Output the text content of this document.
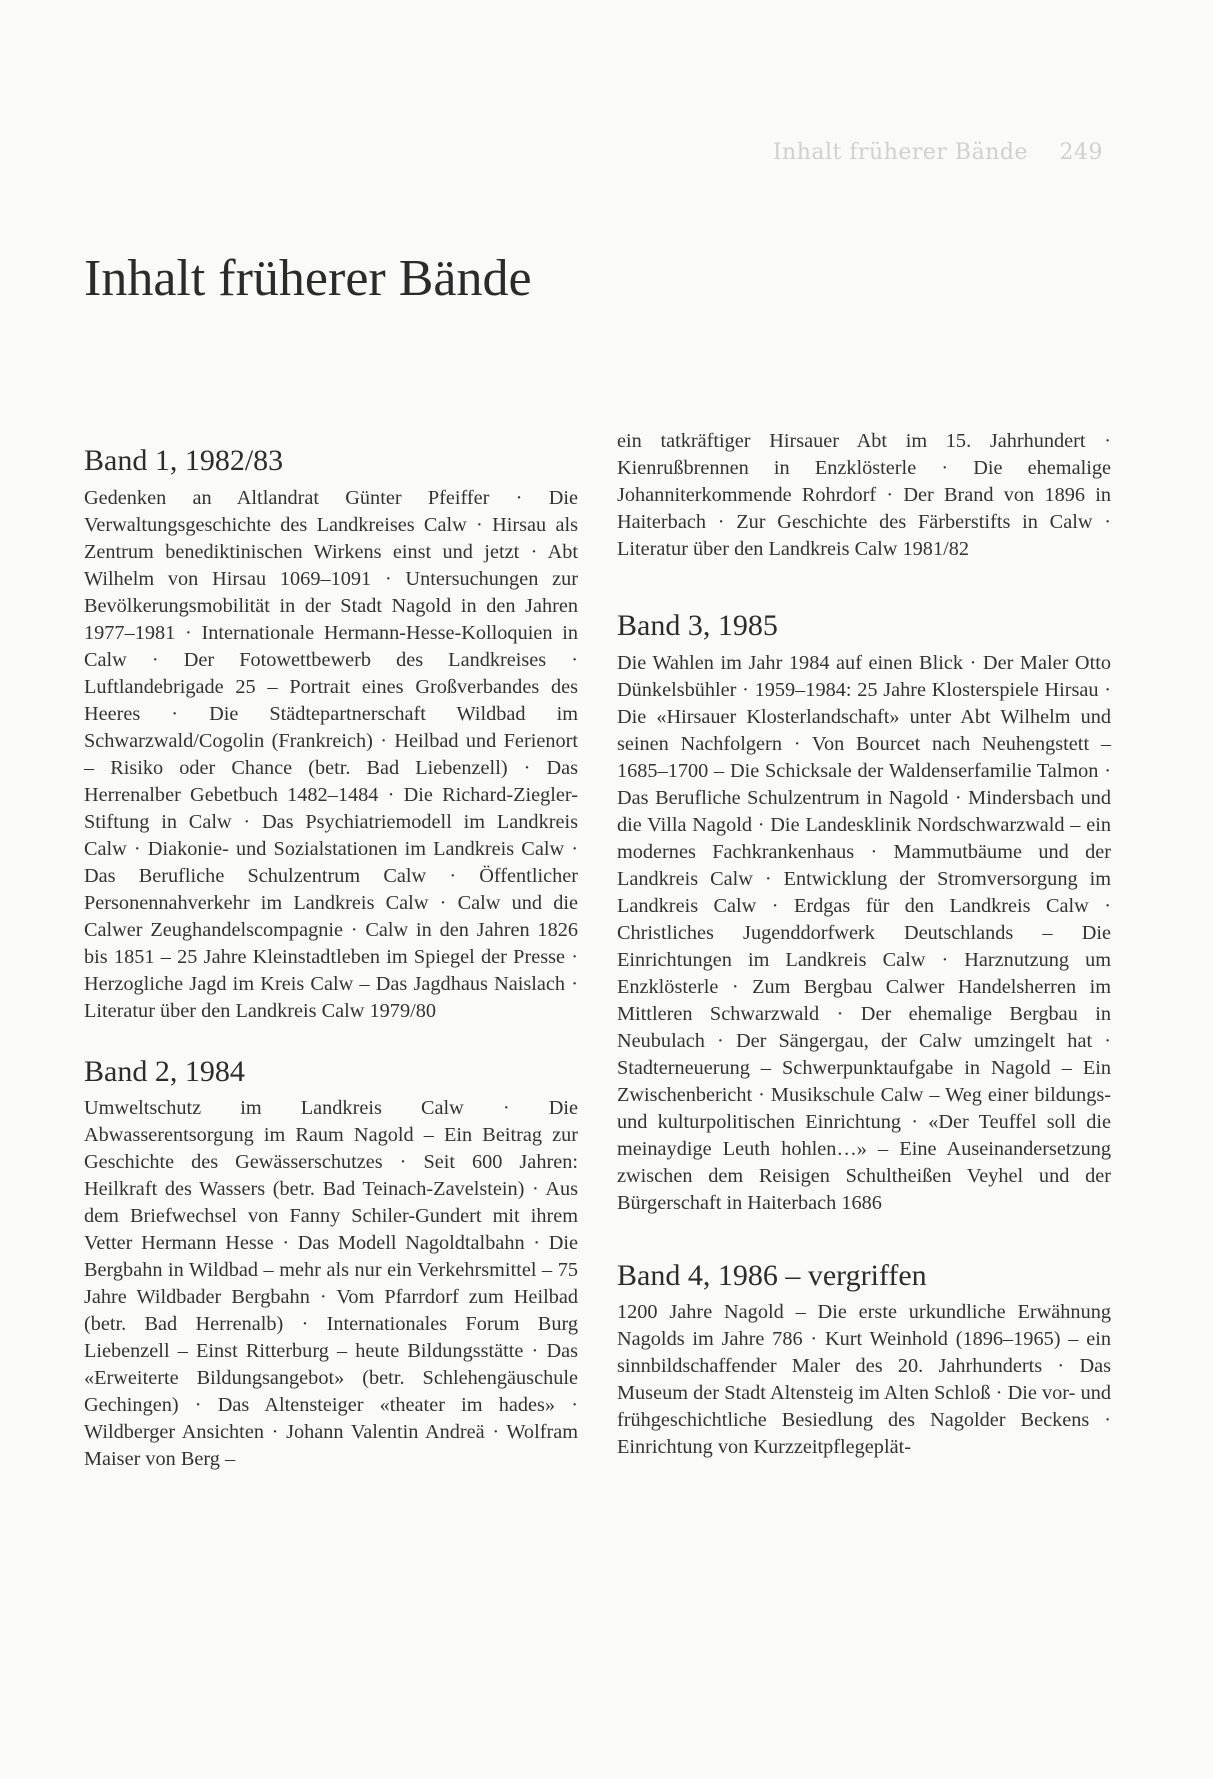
Inhalt früherer Bände 249
Inhalt früherer Bände
Band 1, 1982/83

Gedenken an Altlandrat Günter Pfeiffer · Die Verwaltungsgeschichte des Landkreises Calw · Hirsau als Zentrum benediktinischen Wirkens einst und jetzt · Abt Wilhelm von Hirsau 1069–1091 · Untersuchungen zur Bevölkerungsmobilität in der Stadt Nagold in den Jahren 1977–1981 · Internationale Hermann-Hesse-Kolloquien in Calw · Der Fotowettbewerb des Landkreises · Luftlandebrigade 25 – Portrait eines Großverbandes des Heeres · Die Städtepartnerschaft Wildbad im Schwarzwald/Cogolin (Frankreich) · Heilbad und Ferienort – Risiko oder Chance (betr. Bad Liebenzell) · Das Herrenalber Gebetbuch 1482–1484 · Die Richard-Ziegler-Stiftung in Calw · Das Psychiatriemodell im Landkreis Calw · Diakonie- und Sozialstationen im Landkreis Calw · Das Berufliche Schulzentrum Calw · Öffentlicher Personennahverkehr im Landkreis Calw · Calw und die Calwer Zeughandelscompagnie · Calw in den Jahren 1826 bis 1851 – 25 Jahre Kleinstadtleben im Spiegel der Presse · Herzogliche Jagd im Kreis Calw – Das Jagdhaus Naislach · Literatur über den Landkreis Calw 1979/80

Band 2, 1984

Umweltschutz im Landkreis Calw · Die Abwasserentsorgung im Raum Nagold – Ein Beitrag zur Geschichte des Gewässerschutzes · Seit 600 Jahren: Heilkraft des Wassers (betr. Bad Teinach-Zavelstein) · Aus dem Briefwechsel von Fanny Schiler-Gundert mit ihrem Vetter Hermann Hesse · Das Modell Nagoldtalbahn · Die Bergbahn in Wildbad – mehr als nur ein Verkehrsmittel – 75 Jahre Wildbader Bergbahn · Vom Pfarrdorf zum Heilbad (betr. Bad Herrenalb) · Internationales Forum Burg Liebenzell – Einst Ritterburg – heute Bildungsstätte · Das «Erweiterte Bildungsangebot» (betr. Schlehengäuschule Gechingen) · Das Altensteiger «theater im hades» · Wildberger Ansichten · Johann Valentin Andreä · Wolfram Maiser von Berg –

ein tatkräftiger Hirsauer Abt im 15. Jahrhundert · Kienrußbrennen in Enzklösterle · Die ehemalige Johanniterkommende Rohrdorf · Der Brand von 1896 in Haiterbach · Zur Geschichte des Färberstifts in Calw · Literatur über den Landkreis Calw 1981/82

Band 3, 1985

Die Wahlen im Jahr 1984 auf einen Blick · Der Maler Otto Dünkelsbühler · 1959–1984: 25 Jahre Klosterspiele Hirsau · Die «Hirsauer Klosterlandschaft» unter Abt Wilhelm und seinen Nachfolgern · Von Bourcet nach Neuhengstett – 1685–1700 – Die Schicksale der Waldenserfamilie Talmon · Das Berufliche Schulzentrum in Nagold · Mindersbach und die Villa Nagold · Die Landesklinik Nordschwarzwald – ein modernes Fachkrankenhaus · Mammutbäume und der Landkreis Calw · Entwicklung der Stromversorgung im Landkreis Calw · Erdgas für den Landkreis Calw · Christliches Jugenddorfwerk Deutschlands – Die Einrichtungen im Landkreis Calw · Harznutzung um Enzklösterle · Zum Bergbau Calwer Handelsherren im Mittleren Schwarzwald · Der ehemalige Bergbau in Neubulach · Der Sängergau, der Calw umzingelt hat · Stadterneuerung – Schwerpunktaufgabe in Nagold – Ein Zwischenbericht · Musikschule Calw – Weg einer bildungs- und kulturpolitischen Einrichtung · «Der Teuffel soll die meinaydige Leuth hohlen…» – Eine Auseinandersetzung zwischen dem Reisigen Schultheißen Veyhel und der Bürgerschaft in Haiterbach 1686

Band 4, 1986 – vergriffen

1200 Jahre Nagold – Die erste urkundliche Erwähnung Nagolds im Jahre 786 · Kurt Weinhold (1896–1965) – ein sinnbildschaffender Maler des 20. Jahrhunderts · Das Museum der Stadt Altensteig im Alten Schloß · Die vor- und frühgeschichtliche Besiedlung des Nagolder Beckens · Einrichtung von Kurzzeitpflegeplät-
